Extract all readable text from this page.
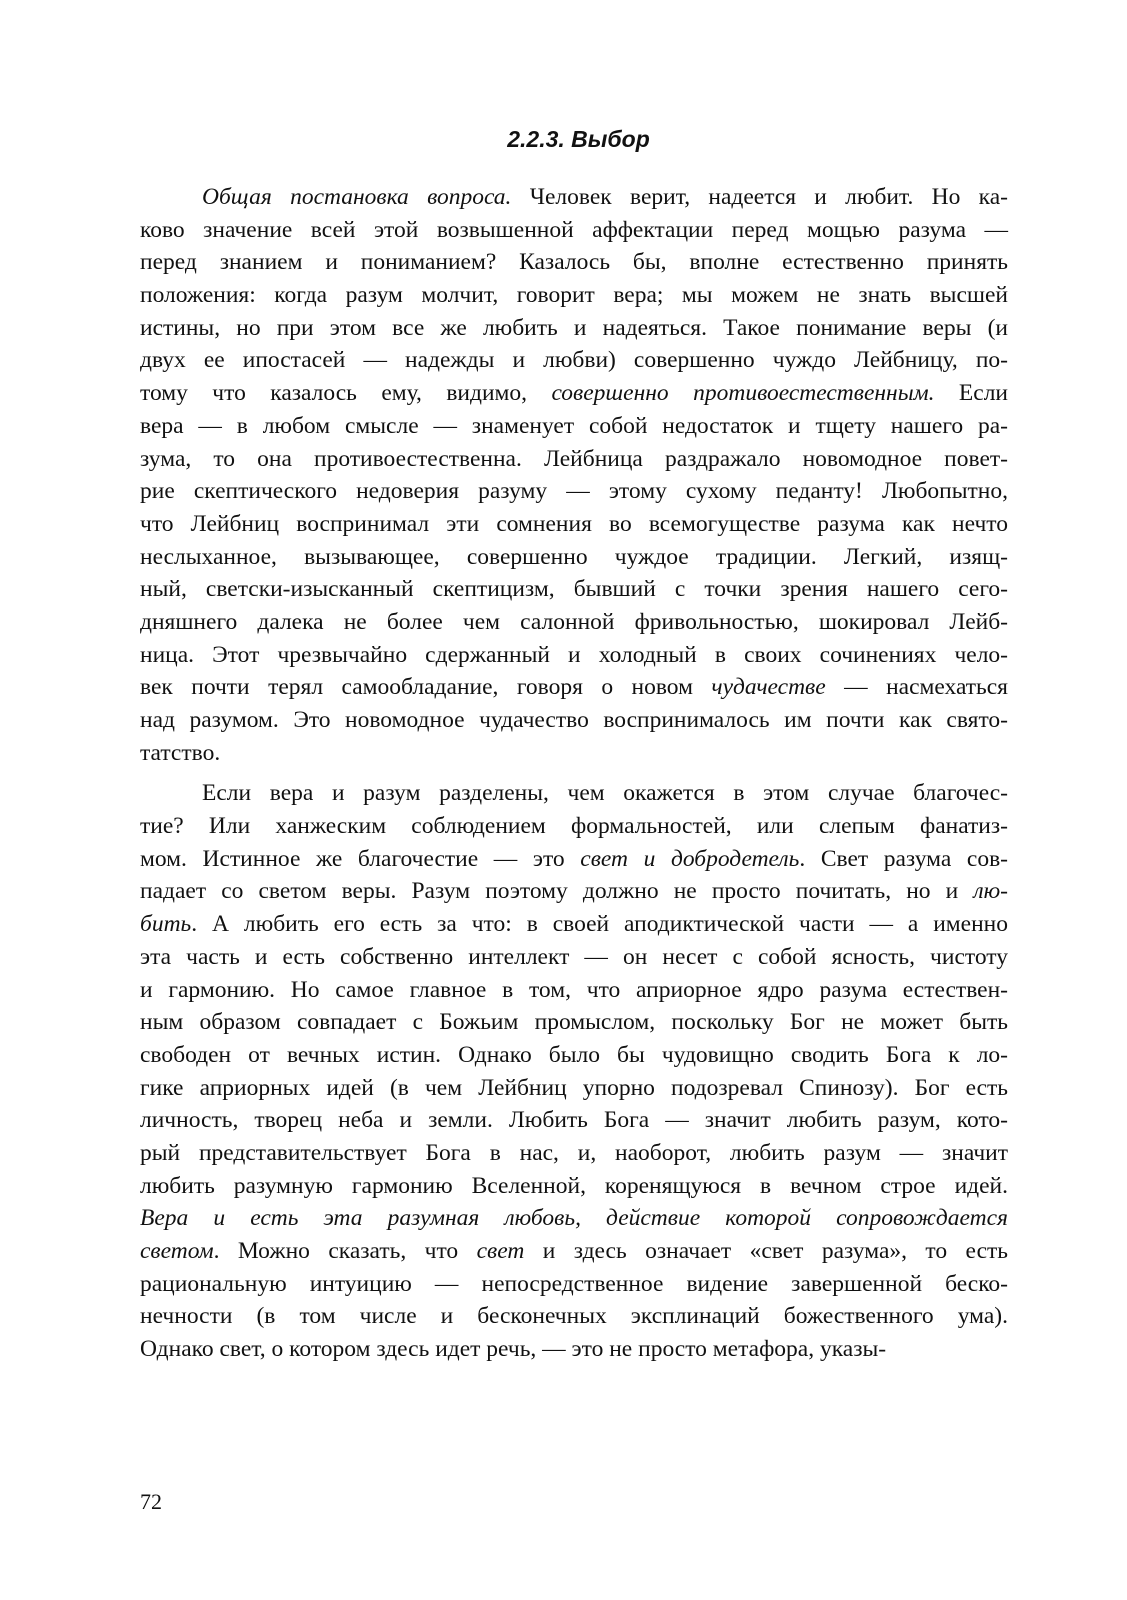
2.2.3. Выбор
Общая постановка вопроса. Человек верит, надеется и любит. Но ка-
ково значение всей этой возвышенной аффектации перед мощью разума —
перед знанием и пониманием? Казалось бы, вполне естественно принять
положения: когда разум молчит, говорит вера; мы можем не знать высшей
истины, но при этом все же любить и надеяться. Такое понимание веры (и
двух ее ипостасей — надежды и любви) совершенно чуждо Лейбницу, по-
тому что казалось ему, видимо, совершенно противоестественным. Если
вера — в любом смысле — знаменует собой недостаток и тщету нашего ра-
зума, то она противоестественна. Лейбница раздражало новомодное повет-
рие скептического недоверия разуму — этому сухому педанту! Любопытно,
что Лейбниц воспринимал эти сомнения во всемогуществе разума как нечто
неслыханное, вызывающее, совершенно чуждое традиции. Легкий, изящ-
ный, светски-изысканный скептицизм, бывший с точки зрения нашего сего-
дняшнего далека не более чем салонной фривольностью, шокировал Лейб-
ница. Этот чрезвычайно сдержанный и холодный в своих сочинениях чело-
век почти терял самообладание, говоря о новом чудачестве — насмехаться
над разумом. Это новомодное чудачество воспринималось им почти как свято-
татство.
Если вера и разум разделены, чем окажется в этом случае благочес-
тие? Или ханжеским соблюдением формальностей, или слепым фанатиз-
мом. Истинное же благочестие — это свет и добродетель. Свет разума сов-
падает со светом веры. Разум поэтому должно не просто почитать, но и лю-
бить. А любить его есть за что: в своей аподиктической части — а именно
эта часть и есть собственно интеллект — он несет с собой ясность, чистоту
и гармонию. Но самое главное в том, что априорное ядро разума естествен-
ным образом совпадает с Божьим промыслом, поскольку Бог не может быть
свободен от вечных истин. Однако было бы чудовищно сводить Бога к ло-
гике априорных идей (в чем Лейбниц упорно подозревал Спинозу). Бог есть
личность, творец неба и земли. Любить Бога — значит любить разум, кото-
рый представительствует Бога в нас, и, наоборот, любить разум — значит
любить разумную гармонию Вселенной, коренящуюся в вечном строе идей.
Вера и есть эта разумная любовь, действие которой сопровождается
светом. Можно сказать, что свет и здесь означает «свет разума», то есть
рациональную интуицию — непосредственное видение завершенной беско-
нечности (в том числе и бесконечных эксплинаций божественного ума).
Однако свет, о котором здесь идет речь, — это не просто метафора, указы-
72
